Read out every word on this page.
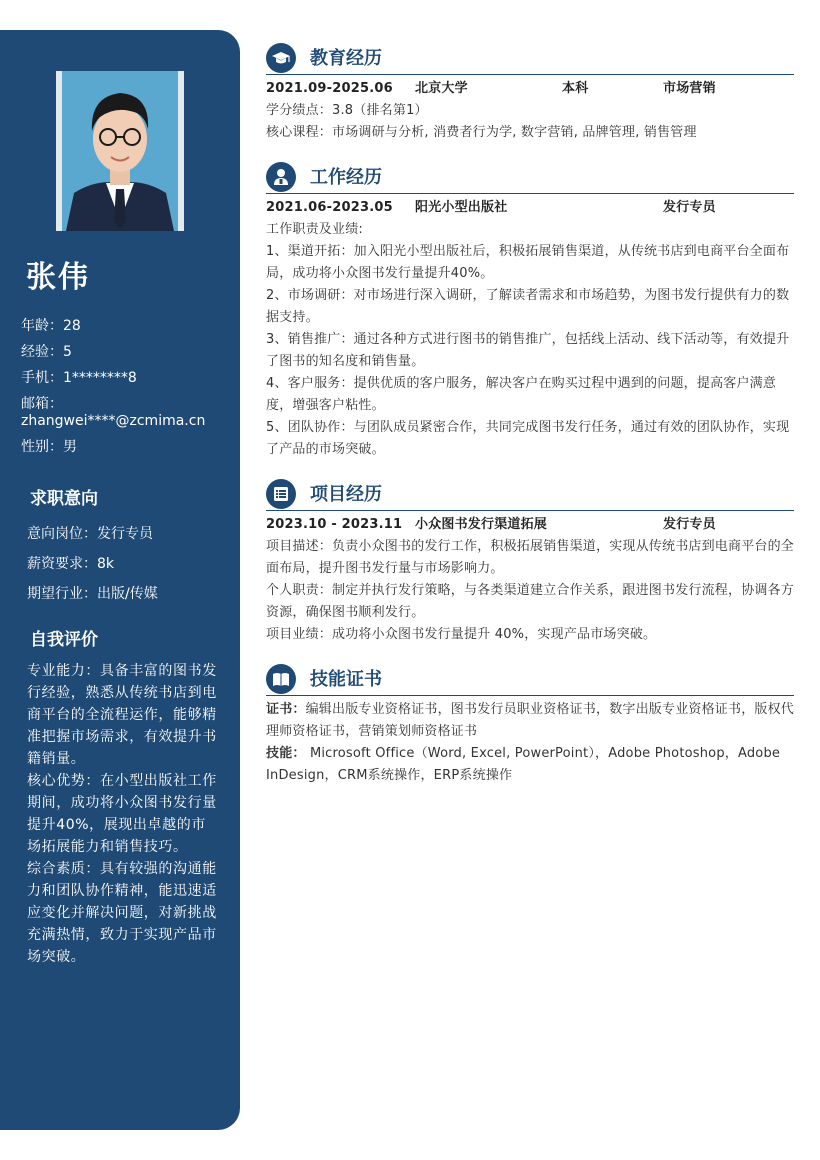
张伟
年龄：28
经验：5
手机：1********8
邮箱：
zhangwei****@zcmima.cn
性别：男
求职意向
意向岗位：发行专员
薪资要求：8k
期望行业：出版/传媒
自我评价

专业能力：具备丰富的图书发行经验，熟悉从传统书店到电商平台的全流程运作，能够精准把握市场需求，有效提升书籍销量。

核心优势：在小型出版社工作期间，成功将小众图书发行量提升40%，展现出卓越的市场拓展能力和销售技巧。

综合素质：具有较强的沟通能力和团队协作精神，能迅速适应变化并解决问题，对新挑战充满热情，致力于实现产品市场突破。

教育经历
2021.09-2025.06 北京大学	本科	市场营销

学分绩点：3.8（排名第1）

核心课程：市场调研与分析, 消费者行为学, 数字营销, 品牌管理, 销售管理

工作经历
2021.06-2023.05 阳光小型出版社	发行专员

工作职责及业绩:

1、渠道开拓：加入阳光小型出版社后，积极拓展销售渠道，从传统书店到电商平台全面布局，成功将小众图书发行量提升40%。

2、市场调研：对市场进行深入调研，了解读者需求和市场趋势，为图书发行提供有力的数据支持。

3、销售推广：通过各种方式进行图书的销售推广，包括线上活动、线下活动等，有效提升了图书的知名度和销售量。

4、客户服务：提供优质的客户服务，解决客户在购买过程中遇到的问题，提高客户满意度，增强客户粘性。

5、团队协作：与团队成员紧密合作，共同完成图书发行任务，通过有效的团队协作，实现了产品的市场突破。

项目经历
2023.10 - 2023.11 小众图书发行渠道拓展	发行专员

项目描述：负责小众图书的发行工作，积极拓展销售渠道，实现从传统书店到电商平台的全面布局，提升图书发行量与市场影响力。

个人职责：制定并执行发行策略，与各类渠道建立合作关系，跟进图书发行流程，协调各方资源，确保图书顺利发行。

项目业绩：成功将小众图书发行量提升 40%，实现产品市场突破。

技能证书

证书：编辑出版专业资格证书，图书发行员职业资格证书，数字出版专业资格证书，版权代理师资格证书，营销策划师资格证书

技能： Microsoft Office（Word, Excel, PowerPoint），Adobe Photoshop，Adobe InDesign，CRM系统操作，ERP系统操作
